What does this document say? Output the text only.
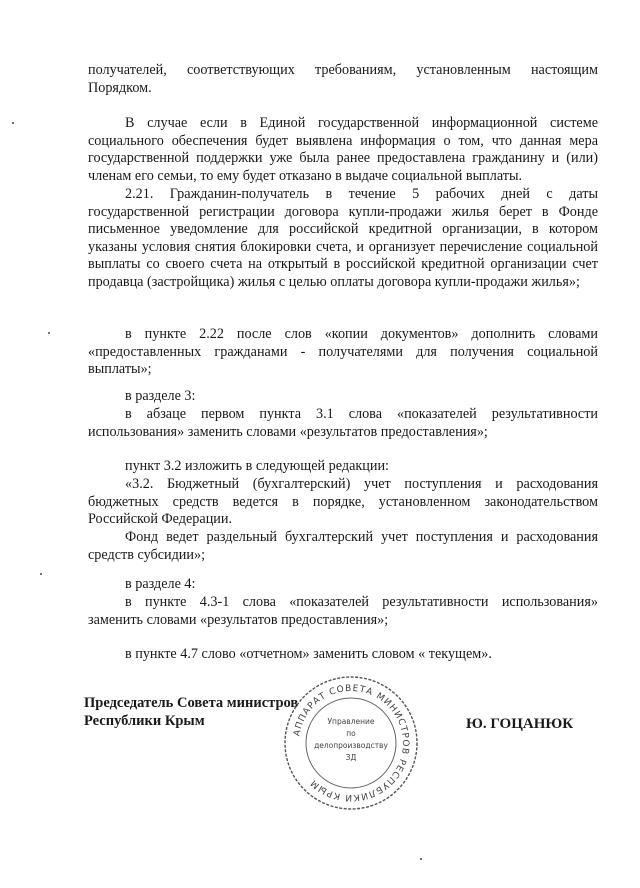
получателей, соответствующих требованиям, установленным настоящим Порядком.

В случае если в Единой государственной информационной системе социального обеспечения будет выявлена информация о том, что данная мера государственной поддержки уже была ранее предоставлена гражданину и (или) членам его семьи, то ему будет отказано в выдаче социальной выплаты.

2.21. Гражданин-получатель в течение 5 рабочих дней с даты государственной регистрации договора купли-продажи жилья берет в Фонде письменное уведомление для российской кредитной организации, в котором указаны условия снятия блокировки счета, и организует перечисление социальной выплаты со своего счета на открытый в российской кредитной организации счет продавца (застройщика) жилья с целью оплаты договора купли-продажи жилья»;

в пункте 2.22 после слов «копии документов» дополнить словами «предоставленных гражданами - получателями для получения социальной выплаты»;

в разделе 3:

в абзаце первом пункта 3.1 слова «показателей результативности использования» заменить словами «результатов предоставления»;

пункт 3.2 изложить в следующей редакции:

«3.2. Бюджетный (бухгалтерский) учет поступления и расходования бюджетных средств ведется в порядке, установленном законодательством Российской Федерации.

Фонд ведет раздельный бухгалтерский учет поступления и расходования средств субсидии»;

в разделе 4:

в пункте 4.3-1 слова «показателей результативности использования» заменить словами «результатов предоставления»;

в пункте 4.7 слово «отчетном» заменить словом « текущем».

Председатель Совета министров
Республики Крым
АППАРАТ СОВЕТА МИНИСТРОВ РЕСПУБЛИКИ КРЫМ
Управление
по
делопроизводству
ЗД
Ю. ГОЦАНЮК
